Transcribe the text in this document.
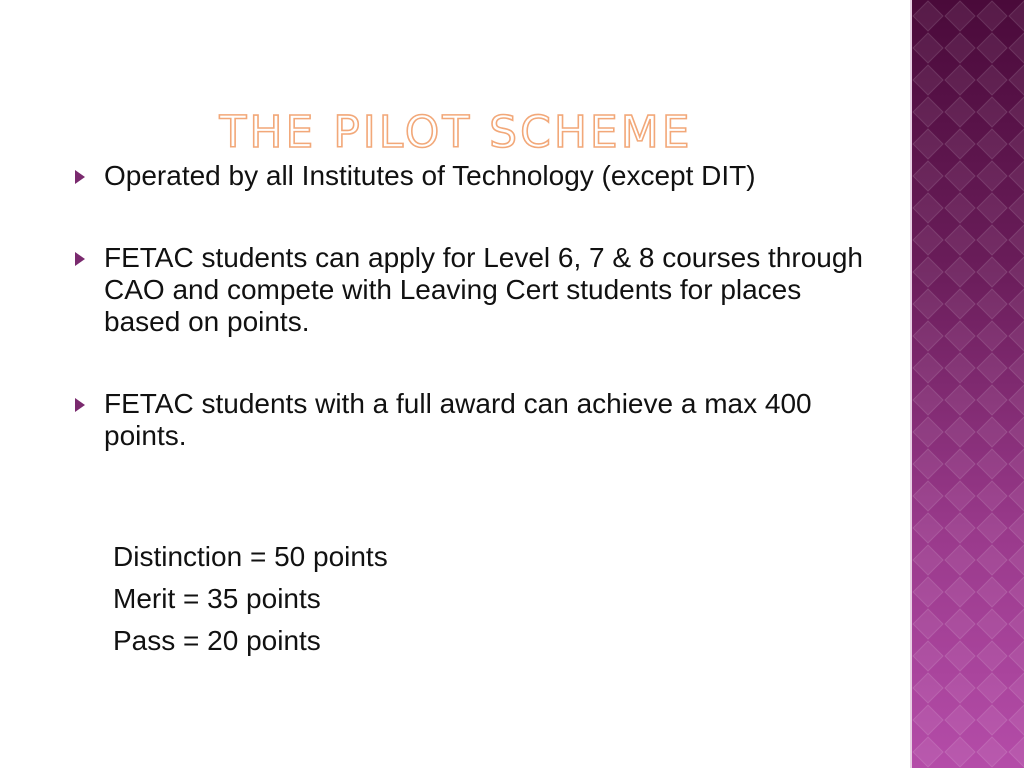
THE PILOT SCHEME
Operated by all Institutes of Technology (except DIT)
FETAC students can apply for Level 6, 7 & 8 courses through CAO and compete with Leaving Cert students for places based on points.
FETAC students with a full award can achieve a max 400 points.
Distinction = 50 points
Merit = 35 points
Pass = 20 points
